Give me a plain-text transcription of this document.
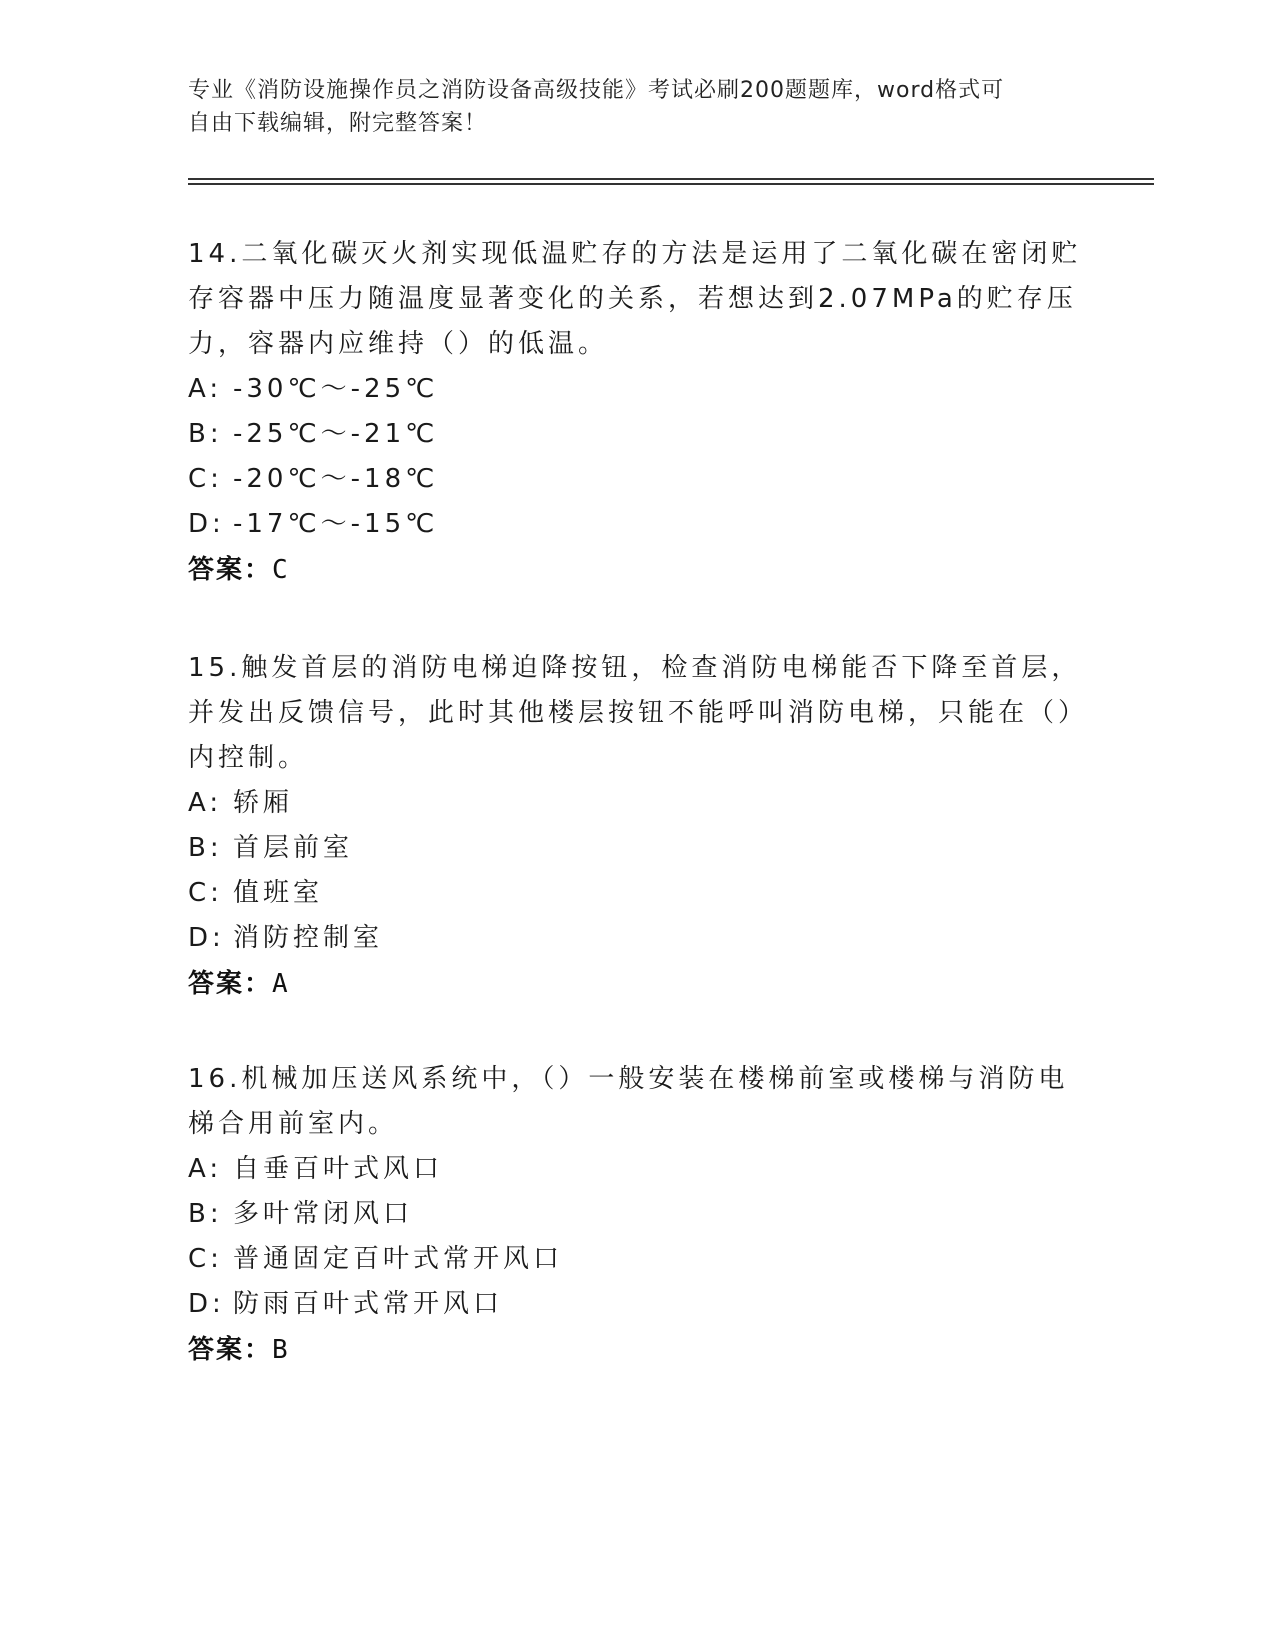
专业《消防设施操作员之消防设备高级技能》考试必刷200题题库，word格式可
自由下载编辑，附完整答案！

14.二氧化碳灭火剂实现低温贮存的方法是运用了二氧化碳在密闭贮存容器中压力随温度显著变化的关系，若想达到2.07MPa的贮存压力，容器内应维持（）的低温。

A: -30℃～-25℃
B: -25℃～-21℃
C: -20℃～-18℃
D: -17℃～-15℃
答案：C

15.触发首层的消防电梯迫降按钮，检查消防电梯能否下降至首层，并发出反馈信号，此时其他楼层按钮不能呼叫消防电梯，只能在（）内控制。

A: 轿厢
B: 首层前室
C: 值班室
D: 消防控制室
答案：A

16.机械加压送风系统中，（）一般安装在楼梯前室或楼梯与消防电梯合用前室内。

A: 自垂百叶式风口
B: 多叶常闭风口
C: 普通固定百叶式常开风口
D: 防雨百叶式常开风口
答案：B
